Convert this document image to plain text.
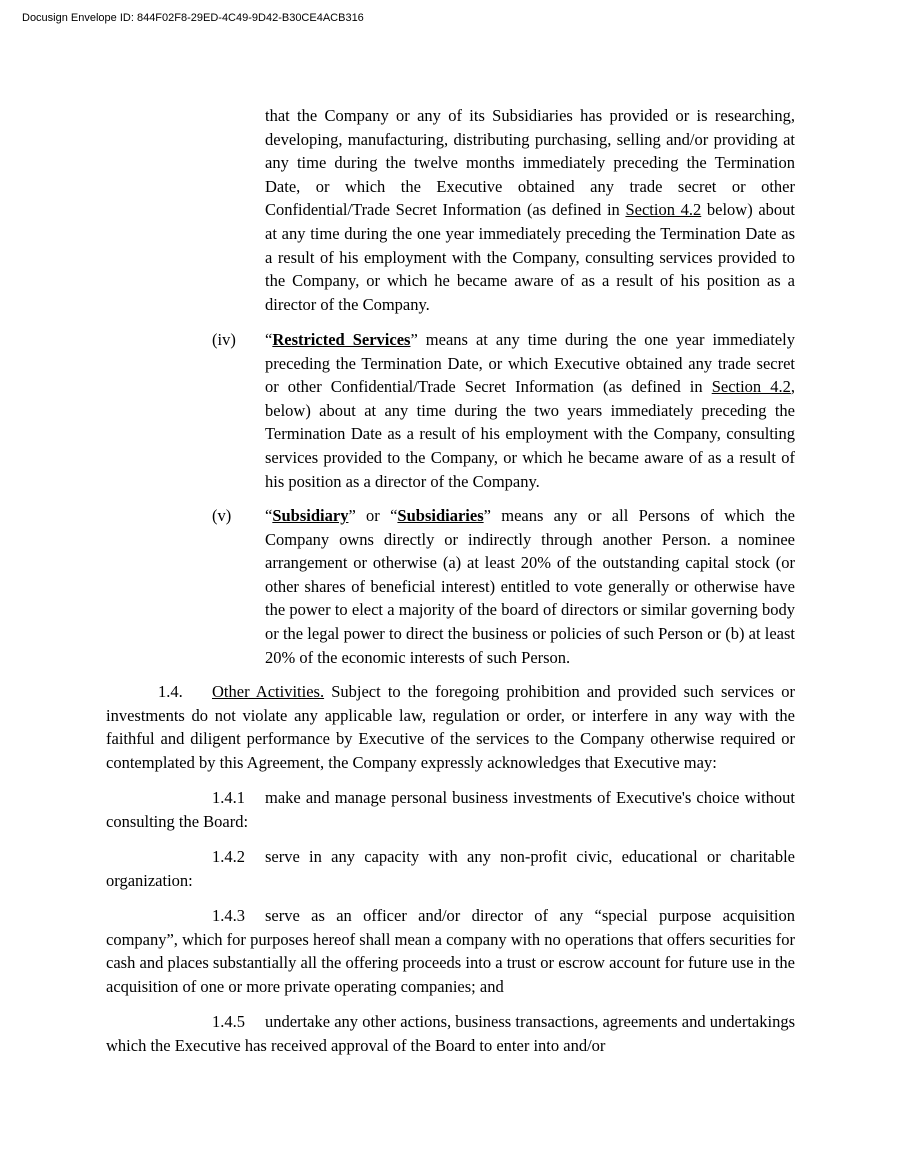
Docusign Envelope ID: 844F02F8-29ED-4C49-9D42-B30CE4ACB316

that the Company or any of its Subsidiaries has provided or is researching, developing, manufacturing, distributing purchasing, selling and/or providing at any time during the twelve months immediately preceding the Termination Date, or which the Executive obtained any trade secret or other Confidential/Trade Secret Information (as defined in Section 4.2 below) about at any time during the one year immediately preceding the Termination Date as a result of his employment with the Company, consulting services provided to the Company, or which he became aware of as a result of his position as a director of the Company.

(iv) “Restricted Services” means at any time during the one year immediately preceding the Termination Date, or which Executive obtained any trade secret or other Confidential/Trade Secret Information (as defined in Section 4.2, below) about at any time during the two years immediately preceding the Termination Date as a result of his employment with the Company, consulting services provided to the Company, or which he became aware of as a result of his position as a director of the Company.

(v) “Subsidiary” or “Subsidiaries” means any or all Persons of which the Company owns directly or indirectly through another Person. a nominee arrangement or otherwise (a) at least 20% of the outstanding capital stock (or other shares of beneficial interest) entitled to vote generally or otherwise have the power to elect a majority of the board of directors or similar governing body or the legal power to direct the business or policies of such Person or (b) at least 20% of the economic interests of such Person.

1.4. Other Activities. Subject to the foregoing prohibition and provided such services or investments do not violate any applicable law, regulation or order, or interfere in any way with the faithful and diligent performance by Executive of the services to the Company otherwise required or contemplated by this Agreement, the Company expressly acknowledges that Executive may:

1.4.1 make and manage personal business investments of Executive's choice without consulting the Board:

1.4.2 serve in any capacity with any non-profit civic, educational or charitable organization:

1.4.3 serve as an officer and/or director of any “special purpose acquisition company”, which for purposes hereof shall mean a company with no operations that offers securities for cash and places substantially all the offering proceeds into a trust or escrow account for future use in the acquisition of one or more private operating companies; and

1.4.5 undertake any other actions, business transactions, agreements and undertakings which the Executive has received approval of the Board to enter into and/or
